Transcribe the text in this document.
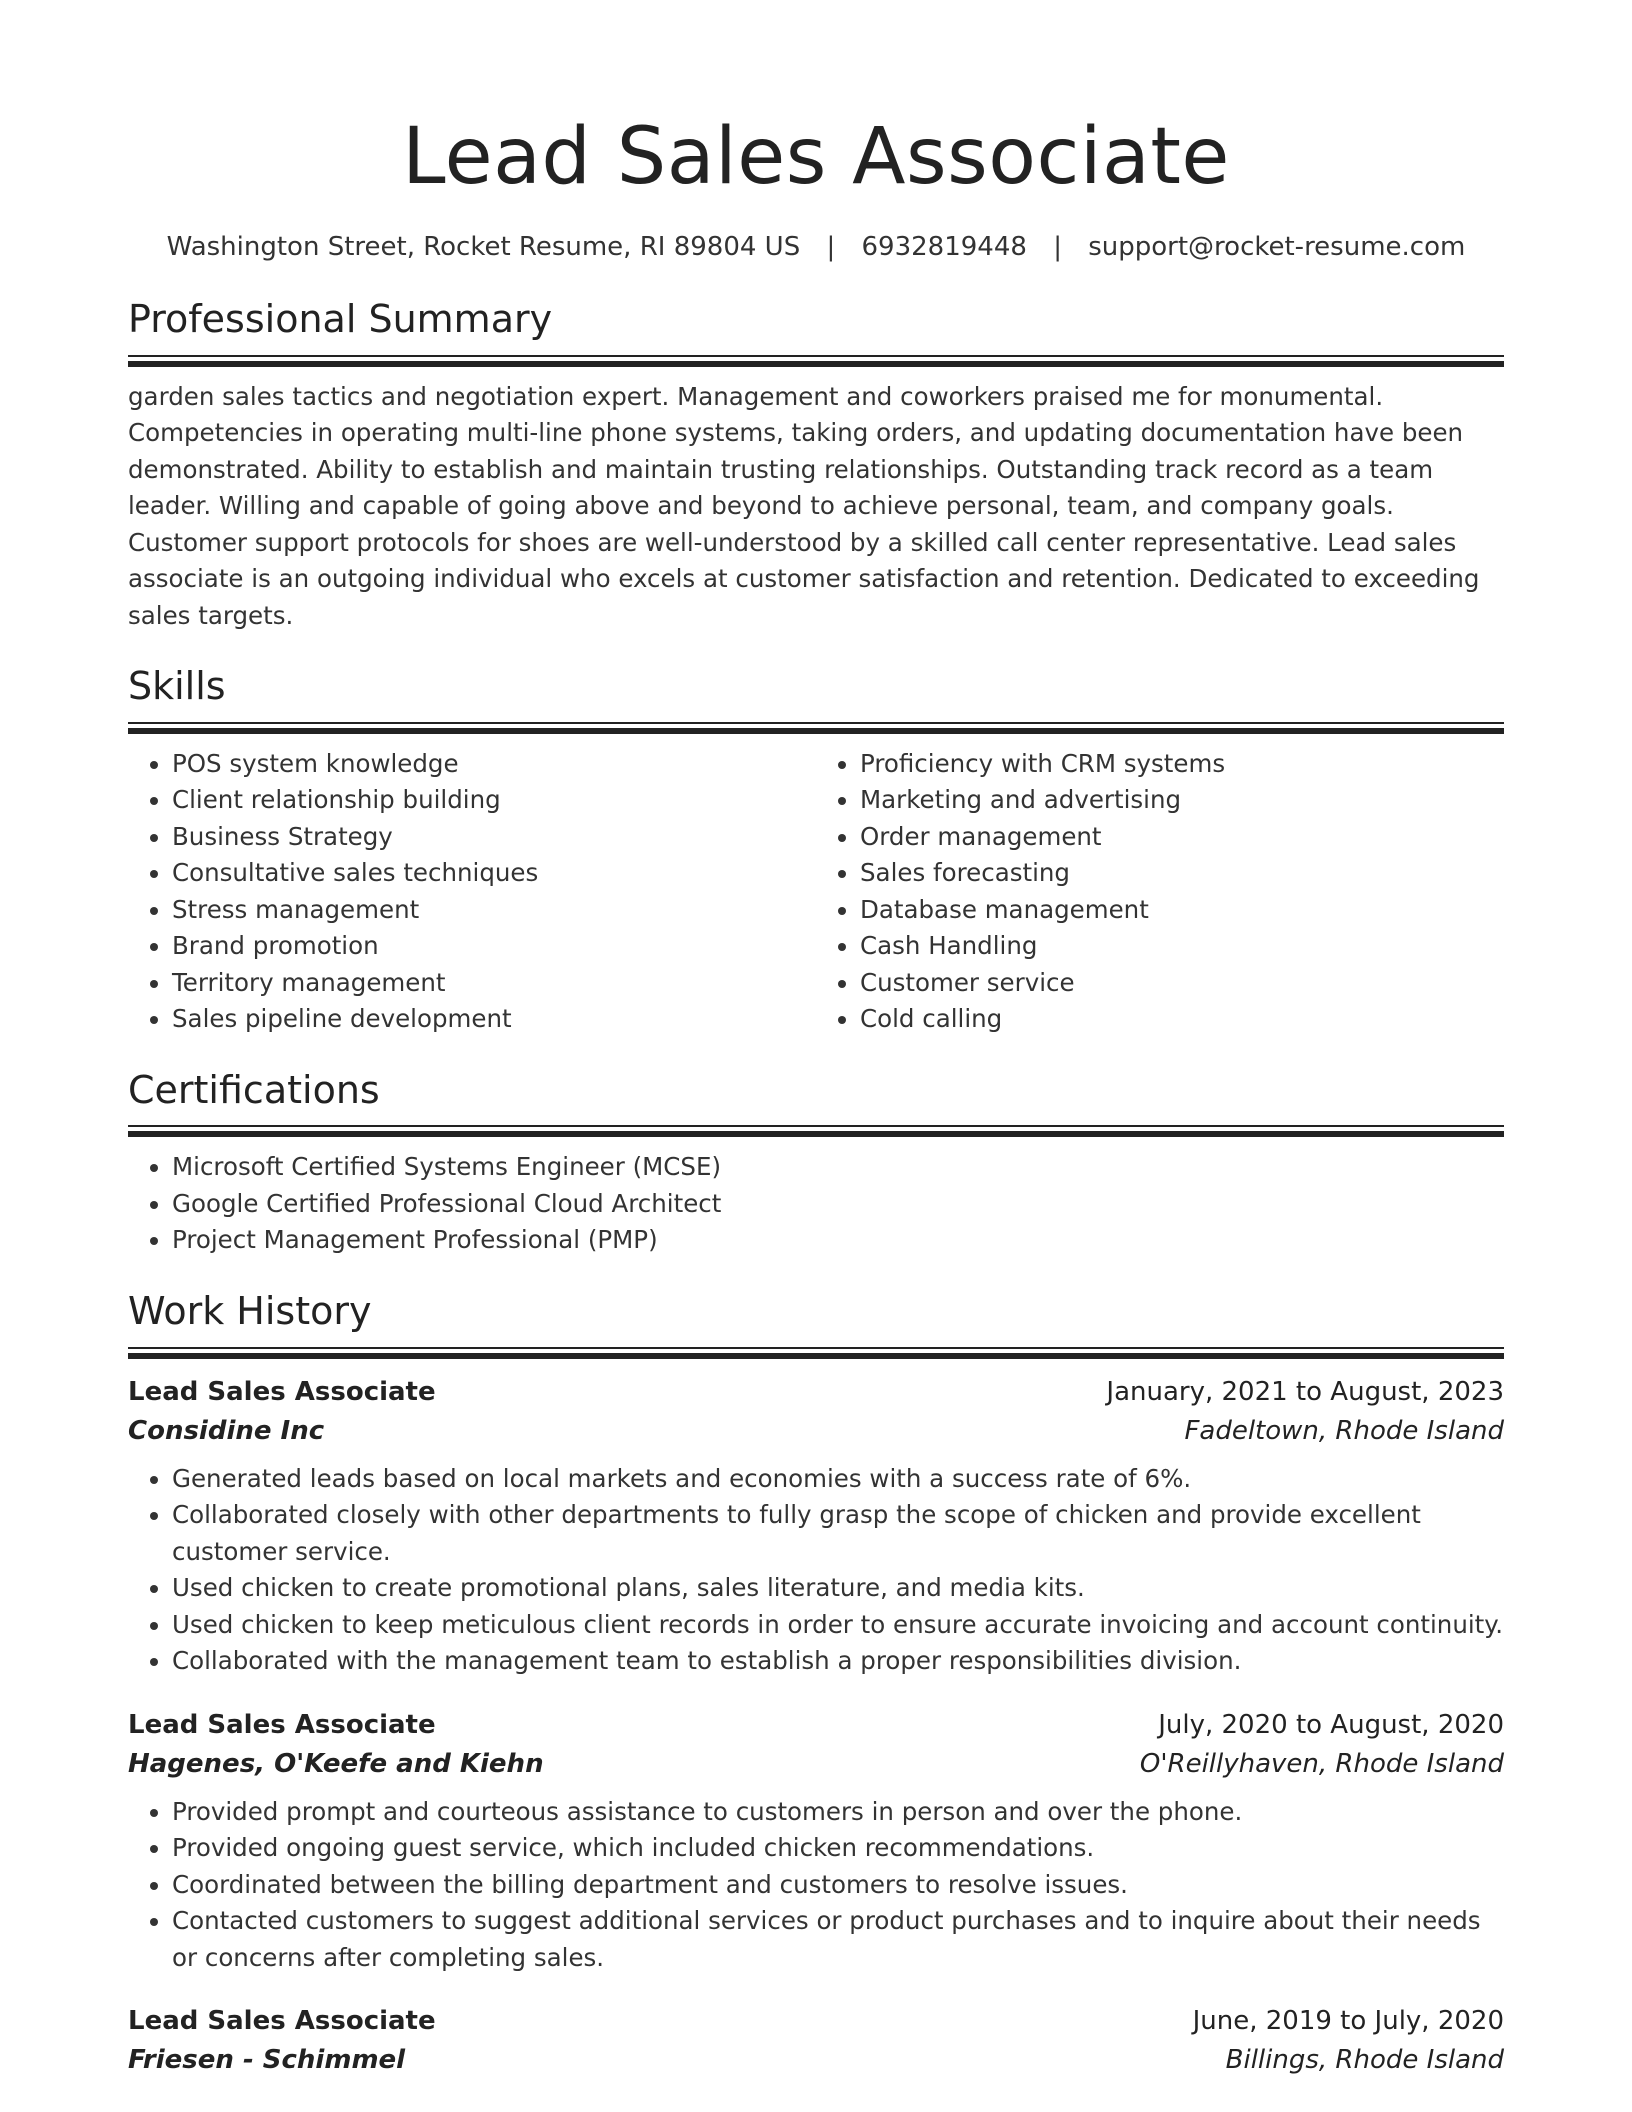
Lead Sales Associate
Washington Street, Rocket Resume, RI 89804 US | 6932819448 | support@rocket-resume.com
Professional Summary
garden sales tactics and negotiation expert. Management and coworkers praised me for monumental. Competencies in operating multi-line phone systems, taking orders, and updating documentation have been demonstrated. Ability to establish and maintain trusting relationships. Outstanding track record as a team leader. Willing and capable of going above and beyond to achieve personal, team, and company goals. Customer support protocols for shoes are well-understood by a skilled call center representative. Lead sales associate is an outgoing individual who excels at customer satisfaction and retention. Dedicated to exceeding sales targets.
Skills
• POS system knowledge
• Client relationship building
• Business Strategy
• Consultative sales techniques
• Stress management
• Brand promotion
• Territory management
• Sales pipeline development
• Proficiency with CRM systems
• Marketing and advertising
• Order management
• Sales forecasting
• Database management
• Cash Handling
• Customer service
• Cold calling
Certifications
• Microsoft Certified Systems Engineer (MCSE)
• Google Certified Professional Cloud Architect
• Project Management Professional (PMP)
Work History
Lead Sales Associate	January, 2021 to August, 2023
Considine Inc	Fadeltown, Rhode Island
• Generated leads based on local markets and economies with a success rate of 6%.
• Collaborated closely with other departments to fully grasp the scope of chicken and provide excellent customer service.
• Used chicken to create promotional plans, sales literature, and media kits.
• Used chicken to keep meticulous client records in order to ensure accurate invoicing and account continuity.
• Collaborated with the management team to establish a proper responsibilities division.
Lead Sales Associate	July, 2020 to August, 2020
Hagenes, O'Keefe and Kiehn	O'Reillyhaven, Rhode Island
• Provided prompt and courteous assistance to customers in person and over the phone.
• Provided ongoing guest service, which included chicken recommendations.
• Coordinated between the billing department and customers to resolve issues.
• Contacted customers to suggest additional services or product purchases and to inquire about their needs or concerns after completing sales.
Lead Sales Associate	June, 2019 to July, 2020
Friesen - Schimmel	Billings, Rhode Island
